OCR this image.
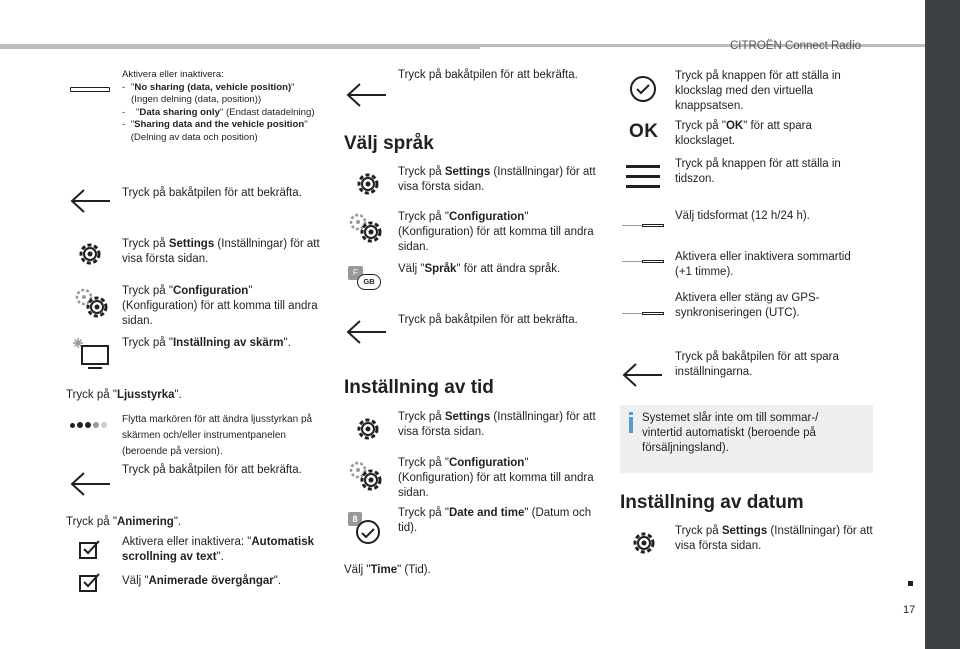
CITROËN Connect Radio
17
Aktivera eller inaktivera:
- "No sharing (data, vehicle position)" (Ingen delning (data, position))
-	"Data sharing only" (Endast datadelning)
- "Sharing data and the vehicle position" (Delning av data och position)
Tryck på bakåtpilen för att bekräfta.
Tryck på Settings (Inställningar) för att visa första sidan.
Tryck på "Configuration" (Konfiguration) för att komma till andra sidan.
Tryck på "Inställning av skärm".
Tryck på "Ljusstyrka".
Flytta markören för att ändra ljusstyrkan på skärmen och/eller instrumentpanelen (beroende på version).
Tryck på bakåtpilen för att bekräfta.
Tryck på "Animering".
Aktivera eller inaktivera: "Automatisk scrollning av text".
Välj "Animerade övergångar".
Tryck på bakåtpilen för att bekräfta.
Välj språk
Tryck på Settings (Inställningar) för att visa första sidan.
Tryck på "Configuration" (Konfiguration) för att komma till andra sidan.
F
GB
Välj "Språk" för att ändra språk.
Tryck på bakåtpilen för att bekräfta.
Inställning av tid
Tryck på Settings (Inställningar) för att visa första sidan.
Tryck på "Configuration" (Konfiguration) för att komma till andra sidan.
8	Tryck på "Date and time" (Datum och tid).
Välj "Time" (Tid).
Tryck på knappen för att ställa in klockslag med den virtuella knappsatsen.
OK Tryck på "OK" för att spara klockslaget.
Tryck på knappen för att ställa in tidszon.
Välj tidsformat (12 h/24 h).
Aktivera eller inaktivera sommartid (+1 timme).
Aktivera eller stäng av GPS-synkroniseringen (UTC).
Tryck på bakåtpilen för att spara inställningarna.
Systemet slår inte om till sommar-/ vintertid automatiskt (beroende på försäljningsland).
Inställning av datum
Tryck på Settings (Inställningar) för att visa första sidan.
